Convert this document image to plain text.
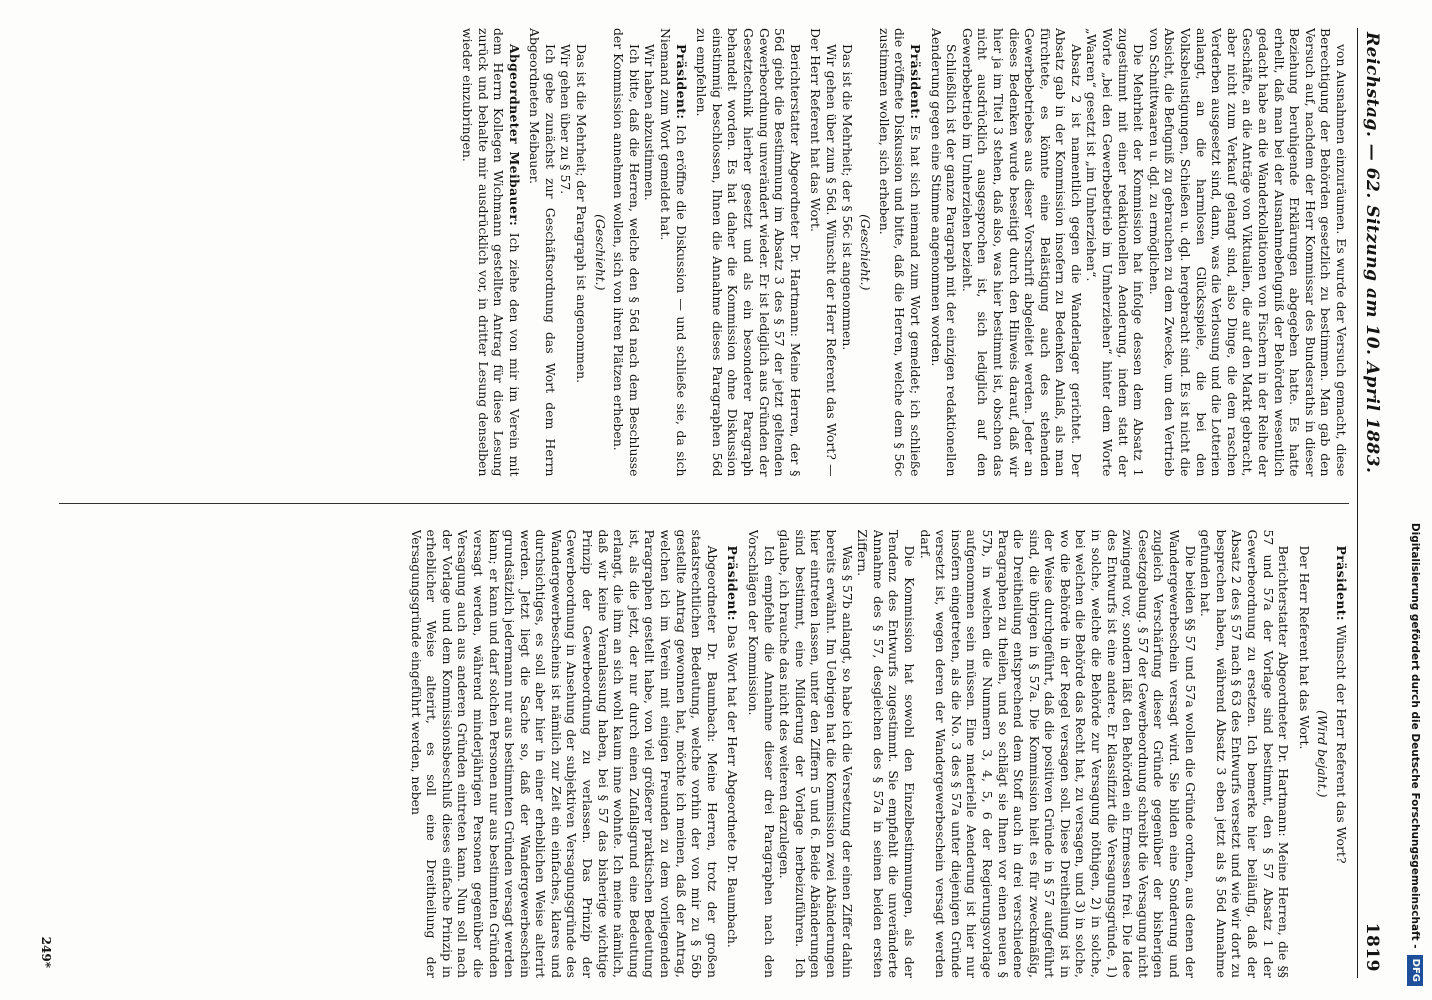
Reichstag. — 62. Sitzung am 10. April 1883.
1819

von Ausnahmen einzuräumen. Es wurde der Versuch gemacht, diese Berechtigung der Behörden gesetzlich zu bestimmen. Man gab den Versuch auf, nachdem der Herr Kommissar des Bundesraths in dieser Beziehung beruhigende Erklärungen abgegeben hatte. Es hatte erhellt, daß man bei der Ausnahmebefugniß der Behörden wesentlich gedacht habe an die Wanderkollationen von Fischern in der Reihe der Geschäfte, an die Anträge von Viktualien, die auf den Markt gebracht, aber nicht zum Verkauf gelangt sind, also Dinge, die dem raschen Verderben ausgesetzt sind, dann, was die Verlosung und die Lotterien anlangt, an die harmlosen Glücksspiele, die bei den Volksbelustigungen, Schießen u. dgl. hergebracht sind. Es ist nicht die Absicht, die Befugniß zu gebrauchen zu dem Zwecke, um den Vertrieb von Schnittwaaren u. dgl. zu ermöglichen.

Die Mehrheit der Kommission hat infolge dessen dem Absatz 1 zugestimmt mit einer redaktionellen Aenderung, indem statt der Worte „bei den Gewerbebetrieb im Umherziehen“ hinter dem Worte „Waaren“ gesetzt ist „im Umherziehen“.

Absatz 2 ist namentlich gegen die Wanderlager gerichtet. Der Absatz gab in der Kommission insofern zu Bedenken Anlaß, als man fürchtete, es könnte eine Belästigung auch des stehenden Gewerbebetriebes aus dieser Vorschrift abgeleitet werden. Jeder an dieses Bedenken wurde beseitigt durch den Hinweis darauf, daß wir hier ja im Titel 3 stehen, daß also, was hier bestimmt ist, obschon das nicht ausdrücklich ausgesprochen ist, sich lediglich auf den Gewerbebetrieb im Umherziehen bezieht.

Schließlich ist der ganze Paragraph mit der einzigen redaktionellen Aenderung gegen eine Stimme angenommen worden.

Präsident: Es hat sich niemand zum Wort gemeldet; ich schließe die eröffnete Diskussion und bitte, daß die Herren, welche dem § 56c zustimmen wollen, sich erheben.

(Geschieht.)

Das ist die Mehrheit; der § 56c ist angenommen.

Wir gehen über zum § 56d. Wünscht der Herr Referent das Wort? — Der Herr Referent hat das Wort.

Berichterstatter Abgeordneter Dr. Hartmann: Meine Herren, der § 56d giebt die Bestimmung im Absatz 3 des § 57 der jetzt geltenden Gewerbeordnung unverändert wieder. Er ist lediglich aus Gründen der Gesetztechnik hierher gesetzt und als ein besonderer Paragraph behandelt worden. Es hat daher die Kommission ohne Diskussion einstimmig beschlossen, Ihnen die Annahme dieses Paragraphen 56d zu empfehlen.

Präsident: Ich eröffne die Diskussion — und schließe sie, da sich Niemand zum Wort gemeldet hat.

Wir haben abzustimmen.

Ich bitte, daß die Herren, welche den § 56d nach dem Beschlusse der Kommission annehmen wollen, sich von ihren Plätzen erheben.

(Geschieht.)

Das ist die Mehrheit; der Paragraph ist angenommen.

Wir gehen über zu § 57.

Ich gebe zunächst zur Geschäftsordnung das Wort dem Herrn Abgeordneten Meibauer.

Abgeordneter Meibauer: Ich ziehe den von mir im Verein mit dem Herrn Kollegen Wichmann gestellten Antrag für diese Lesung zurück und behalte mir ausdrücklich vor, in dritter Lesung denselben wieder einzubringen.

Präsident: Wünscht der Herr Referent das Wort?

(Wird bejaht.)

Der Herr Referent hat das Wort.

Berichterstatter Abgeordneter Dr. Hartmann: Meine Herren, die §§ 57 und 57a der Vorlage sind bestimmt, den § 57 Absatz 1 der Gewerbeordnung zu ersetzen. Ich bemerke hier beiläufig, daß der Absatz 2 des § 57 nach § 63 des Entwurfs versetzt und wie wir dort zu besprechen haben, während Absatz 3 eben jetzt als § 56d Annahme gefunden hat.

Die beiden §§ 57 und 57a wollen die Gründe ordnen, aus denen der Wandergewerbeschein versagt wird. Sie bilden eine Sonderung und zugleich Verschärfung dieser Gründe gegenüber der bisherigen Gesetzgebung. § 57 der Gewerbeordnung schreibt die Versagung nicht zwingend vor, sondern läßt den Behörden ein Ermessen frei. Die Idee des Entwurfs ist eine andere. Er klassifizirt die Versagungsgründe, 1) in solche, welche die Behörde zur Versagung nöthigen, 2) in solche, bei welchen die Behörde das Recht hat, zu versagen, und 3) in solche, wo die Behörde in der Regel versagen soll. Diese Dreitheilung ist in der Weise durchgeführt, daß die positiven Gründe in § 57 aufgeführt sind, die übrigen in § 57a. Die Kommission hielt es für zweckmäßig, die Dreitheilung entsprechend dem Stoff auch in drei verschiedene Paragraphen zu theilen, und so schlägt sie Ihnen vor einen neuen § 57b, in welchen die Nummern 3, 4, 5, 6 der Regierungsvorlage aufgenommen sein müssen. Eine materielle Aenderung ist hier nur insofern eingetreten, als die No. 3 des § 57a unter diejenigen Gründe versetzt ist, wegen deren der Wandergewerbeschein versagt werden darf.

Die Kommission hat sowohl den Einzelbestimmungen, als der Tendenz des Entwurfs zugestimmt. Sie empfiehlt die unveränderte Annahme des § 57, desgleichen des § 57a in seinen beiden ersten Ziffern.

Was § 57b anlangt, so habe ich die Versetzung der einen Ziffer dahin bereits erwähnt. Im Uebrigen hat die Kommission zwei Abänderungen hier eintreten lassen, unter den Ziffern 5 und 6. Beide Abänderungen sind bestimmt, eine Milderung der Vorlage herbeizuführen. Ich glaube, ich brauche das nicht des weiteren darzulegen.

Ich empfehle die Annahme dieser drei Paragraphen nach den Vorschlägen der Kommission.

Präsident: Das Wort hat der Herr Abgeordnete Dr. Baumbach.

Abgeordneter Dr. Baumbach: Meine Herren, trotz der großen staatsrechtlichen Bedeutung, welche vorhin der von mir zu § 56b gestellte Antrag gewonnen hat, möchte ich meinen, daß der Antrag, welchen ich im Verein mit einigen Freunden zu dem vorliegenden Paragraphen gestellt habe, von viel größerer praktischen Bedeutung ist, als die jetzt, der nur durch einen Zufallsgrund eine Bedeutung erlangt, die ihm an sich wohl kaum inne wohnte. Ich meine nämlich, daß wir keine Veranlassung haben, bei § 57 das bisherige wichtige Prinzip der Gewerbeordnung zu verlassen. Das Prinzip der Gewerbeordnung in Ansehung der subjektiven Versagungsgründe des Wandergewerbescheins ist nämlich zur Zeit ein einfaches, klares und durchsichtiges, es soll aber hier in einer erheblichen Weise alterirt werden. Jetzt liegt die Sache so, daß der Wandergewerbeschein grundsätzlich jedermann nur aus bestimmten Gründen versagt werden kann; er kann und darf solchen Personen nur aus bestimmten Gründen versagt werden, während minderjährigen Personen gegenüber die Versagung auch aus anderen Gründen eintreten kann. Nun soll nach der Vorlage und dem Kommissionsbeschluß dieses einfache Prinzip in erheblicher Weise alterirt, es soll eine Dreitheilung der Versagungsgründe eingeführt werden, neben

249*
Digitalisierung gefördert durch die Deutsche Forschungsgemeinschaft -
DFG
